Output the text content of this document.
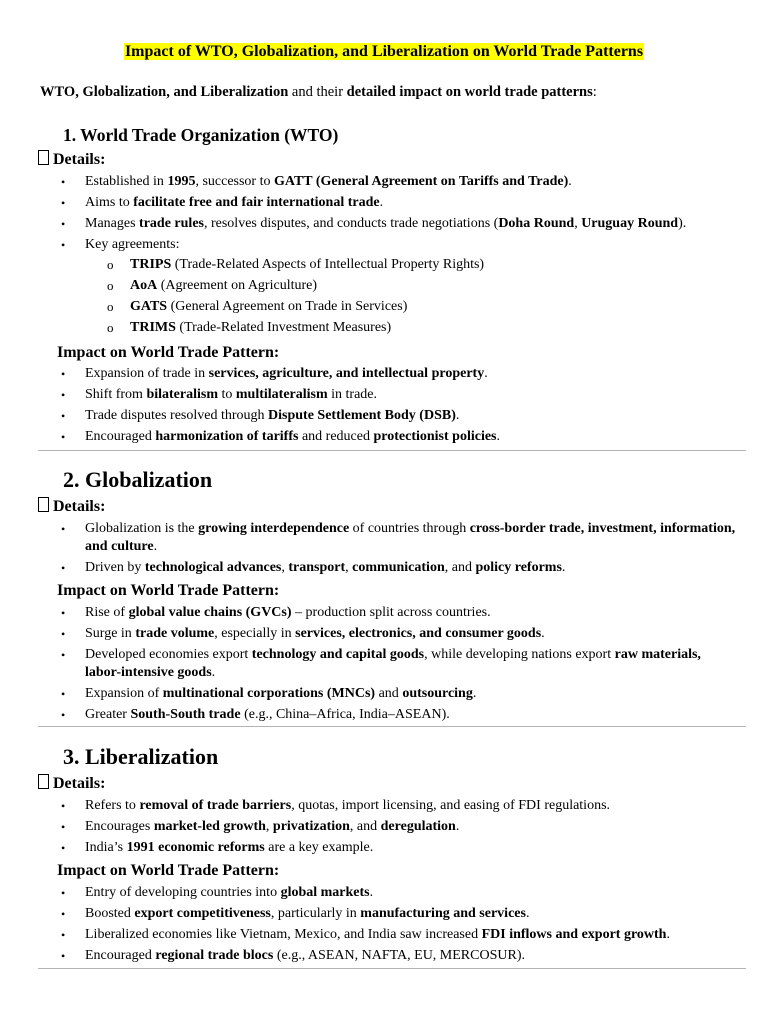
Impact of WTO, Globalization, and Liberalization on World Trade Patterns
WTO, Globalization, and Liberalization and their detailed impact on world trade patterns:
1. World Trade Organization (WTO)
Details:
• Established in 1995, successor to GATT (General Agreement on Tariffs and Trade).
• Aims to facilitate free and fair international trade.
• Manages trade rules, resolves disputes, and conducts trade negotiations (Doha Round, Uruguay Round).
• Key agreements:
o TRIPS (Trade-Related Aspects of Intellectual Property Rights)
o AoA (Agreement on Agriculture)
o GATS (General Agreement on Trade in Services)
o TRIMS (Trade-Related Investment Measures)
Impact on World Trade Pattern:
• Expansion of trade in services, agriculture, and intellectual property.
• Shift from bilateralism to multilateralism in trade.
• Trade disputes resolved through Dispute Settlement Body (DSB).
• Encouraged harmonization of tariffs and reduced protectionist policies.
2. Globalization
Details:
• Globalization is the growing interdependence of countries through cross-border trade, investment, information, and culture.
• Driven by technological advances, transport, communication, and policy reforms.
Impact on World Trade Pattern:
• Rise of global value chains (GVCs) – production split across countries.
• Surge in trade volume, especially in services, electronics, and consumer goods.
• Developed economies export technology and capital goods, while developing nations export raw materials, labor-intensive goods.
• Expansion of multinational corporations (MNCs) and outsourcing.
• Greater South-South trade (e.g., China–Africa, India–ASEAN).
3. Liberalization
Details:
• Refers to removal of trade barriers, quotas, import licensing, and easing of FDI regulations.
• Encourages market-led growth, privatization, and deregulation.
• India’s 1991 economic reforms are a key example.
Impact on World Trade Pattern:
• Entry of developing countries into global markets.
• Boosted export competitiveness, particularly in manufacturing and services.
• Liberalized economies like Vietnam, Mexico, and India saw increased FDI inflows and export growth.
• Encouraged regional trade blocs (e.g., ASEAN, NAFTA, EU, MERCOSUR).
